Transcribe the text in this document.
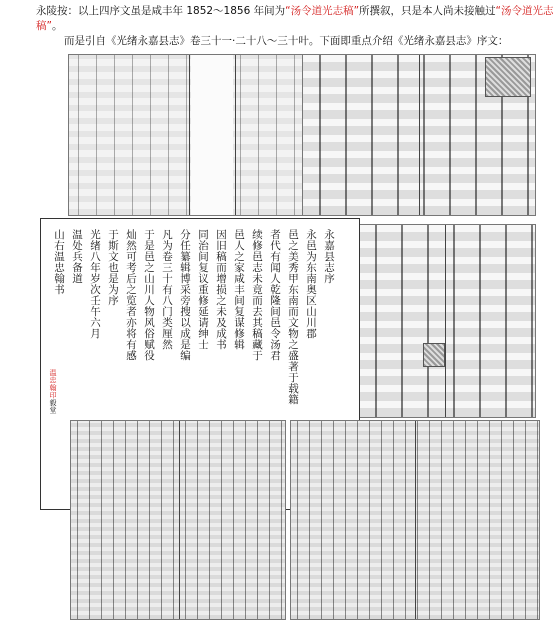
永陵按：以上四序文虽是咸丰年 1852～1856 年间为“汤令道光志稿”所撰叙，只是本人尚未接触过“汤令道光志稿”。
而是引自《光绪永嘉县志》卷三十一·二十八～三十叶。下面即重点介绍《光绪永嘉县志》序文：
永嘉县志序
永邑为东南奥区山川郡
邑之美秀甲东南而文物之盛著于载籍
者代有闻人乾隆间邑令汤君
续修邑志未竟而去其稿藏于
邑人之家咸丰间复谋修辑
因旧稿而增损之未及成书
同治间复议重修延请绅士
分任纂辑博采旁搜以成是编
凡为卷三十有八门类厘然
于是邑之山川人物风俗赋役
灿然可考后之览者亦将有感
于斯文也是为序
光绪八年岁次壬午六月
温处兵备道
山右温忠翰书
温忠翰印毅堂
